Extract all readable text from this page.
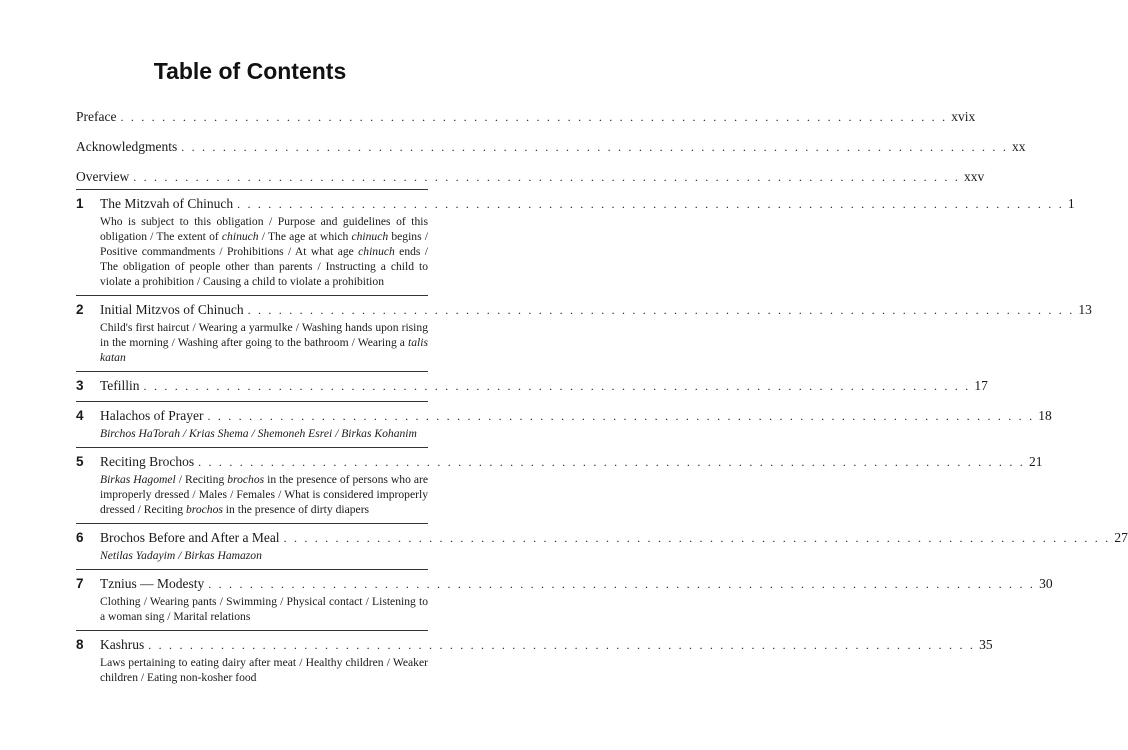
Table of Contents
Preface . . . . . . . . . . . . . . . . . . . . . . . . . . . . . . . . . . . . . . . . . . . . . . . . . . . . . . . . . . . . . . . . . . . . . . . . . . . . . . . . xvix
Acknowledgments . . . . . . . . . . . . . . . . . . . . . . . . . . . . . . . . . . . . . . . . . . . . . . . . . . . . . . . . . . . . . . . . . . . . . . . . . . . . . . . . xx
Overview . . . . . . . . . . . . . . . . . . . . . . . . . . . . . . . . . . . . . . . . . . . . . . . . . . . . . . . . . . . . . . . . . . . . . . . . . . . . . . . . xxv
1 The Mitzvah of Chinuch . . . . . . . . . . . . . . . . . . . . . . . . . . . . . . . . . . . . . . . . . . . . . . . . . . . . . . . . . . . . . . . . . . . . . . . . . . . . . . . . 1
Who is subject to this obligation / Purpose and guidelines of this obligation / The extent of chinuch / The age at which chinuch begins / Positive commandments / Prohibitions / At what age chinuch ends / The obligation of people other than parents / Instructing a child to violate a prohibition / Causing a child to violate a prohibition
2 Initial Mitzvos of Chinuch . . . . . . . . . . . . . . . . . . . . . . . . . . . . . . . . . . . . . . . . . . . . . . . . . . . . . . . . . . . . . . . . . . . . . . . . . . . . . . . . 13
Child's first haircut / Wearing a yarmulke / Washing hands upon rising in the morning / Washing after going to the bathroom / Wearing a talis katan
3 Tefillin . . . . . . . . . . . . . . . . . . . . . . . . . . . . . . . . . . . . . . . . . . . . . . . . . . . . . . . . . . . . . . . . . . . . . . . . . . . . . . . . 17
4 Halachos of Prayer . . . . . . . . . . . . . . . . . . . . . . . . . . . . . . . . . . . . . . . . . . . . . . . . . . . . . . . . . . . . . . . . . . . . . . . . . . . . . . . . 18
Birchos HaTorah / Krias Shema / Shemoneh Esrei / Birkas Kohanim
5 Reciting Brochos . . . . . . . . . . . . . . . . . . . . . . . . . . . . . . . . . . . . . . . . . . . . . . . . . . . . . . . . . . . . . . . . . . . . . . . . . . . . . . . . 21
Birkas Hagomel / Reciting brochos in the presence of persons who are improperly dressed / Males / Females / What is considered improperly dressed / Reciting brochos in the presence of dirty diapers
6 Brochos Before and After a Meal . . . . . . . . . . . . . . . . . . . . . . . . . . . . . . . . . . . . . . . . . . . . . . . . . . . . . . . . . . . . . . . . . . . . . . . . . . . . . . . . 27
Netilas Yadayim / Birkas Hamazon
7 Tznius — Modesty . . . . . . . . . . . . . . . . . . . . . . . . . . . . . . . . . . . . . . . . . . . . . . . . . . . . . . . . . . . . . . . . . . . . . . . . . . . . . . . . 30
Clothing / Wearing pants / Swimming / Physical contact / Listening to a woman sing / Marital relations
8 Kashrus . . . . . . . . . . . . . . . . . . . . . . . . . . . . . . . . . . . . . . . . . . . . . . . . . . . . . . . . . . . . . . . . . . . . . . . . . . . . . . . . 35
Laws pertaining to eating dairy after meat / Healthy children / Weaker children / Eating non-kosher food
